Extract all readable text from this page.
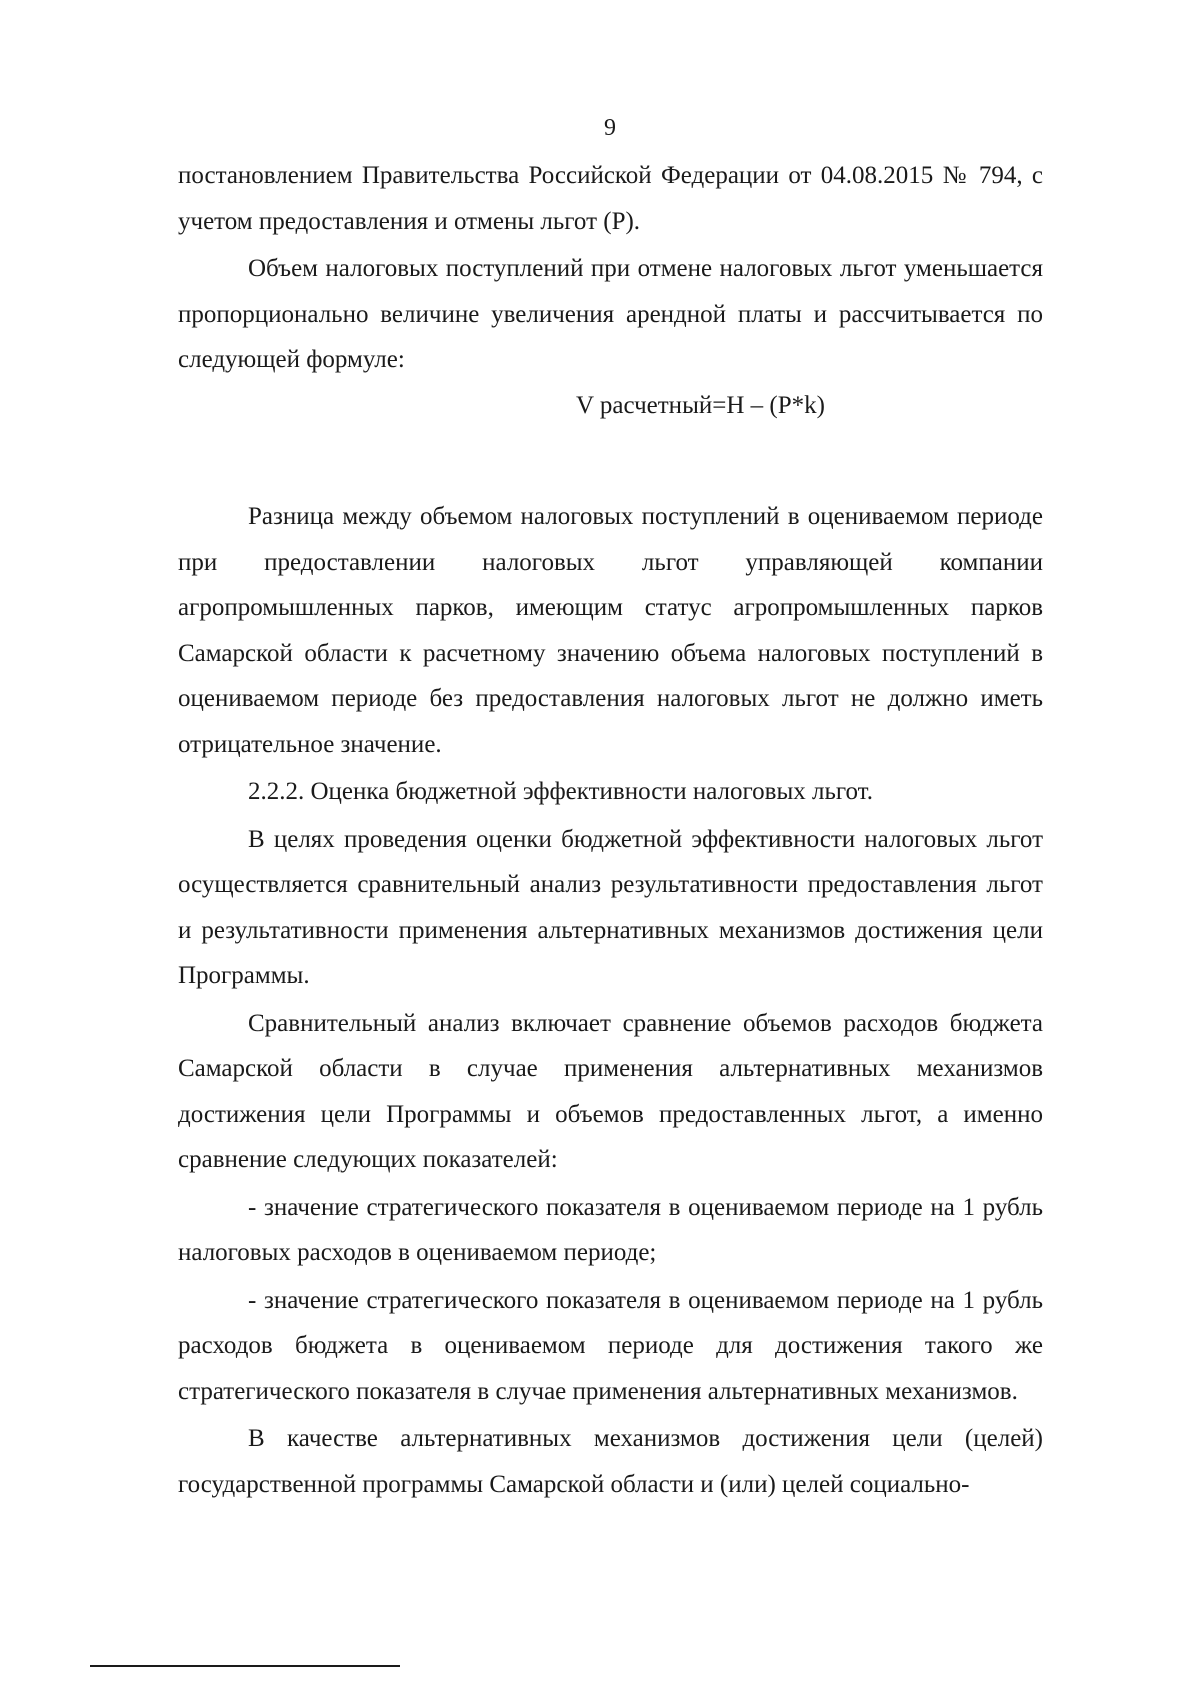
9

постановлением Правительства Российской Федерации от 04.08.2015 № 794, с учетом предоставления и отмены льгот (Р).

Объем налоговых поступлений при отмене налоговых льгот уменьшается пропорционально величине увеличения арендной платы и рассчитывается по следующей формуле:

V расчетный=Н – (Р*k)

Разница между объемом налоговых поступлений в оцениваемом периоде при предоставлении налоговых льгот управляющей компании агропромышленных парков, имеющим статус агропромышленных парков Самарской области к расчетному значению объема налоговых поступлений в оцениваемом периоде без предоставления налоговых льгот не должно иметь отрицательное значение.

2.2.2. Оценка бюджетной эффективности налоговых льгот.

В целях проведения оценки бюджетной эффективности налоговых льгот осуществляется сравнительный анализ результативности предоставления льгот и результативности применения альтернативных механизмов достижения цели Программы.

Сравнительный анализ включает сравнение объемов расходов бюджета Самарской области в случае применения альтернативных механизмов достижения цели Программы и объемов предоставленных льгот, а именно сравнение следующих показателей:

- значение стратегического показателя в оцениваемом периоде на 1 рубль налоговых расходов в оцениваемом периоде;

- значение стратегического показателя в оцениваемом периоде на 1 рубль расходов бюджета в оцениваемом периоде для достижения такого же стратегического показателя в случае применения альтернативных механизмов.

В качестве альтернативных механизмов достижения цели (целей) государственной программы Самарской области и (или) целей социально-
